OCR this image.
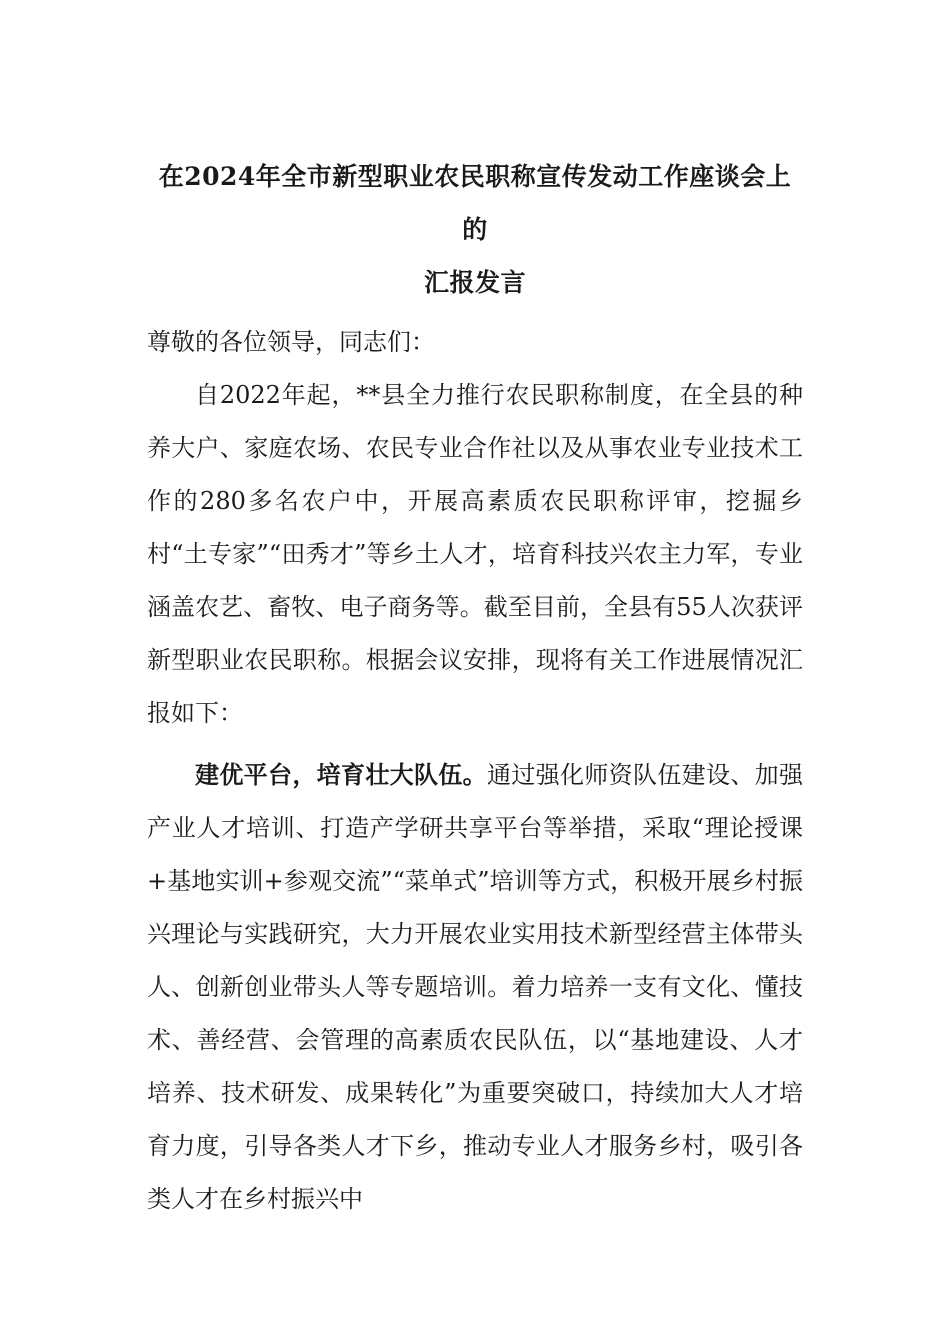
在2024年全市新型职业农民职称宣传发动工作座谈会上的
汇报发言

尊敬的各位领导，同志们：

自2022年起，**县全力推行农民职称制度，在全县的种养大户、家庭农场、农民专业合作社以及从事农业专业技术工作的280多名农户中，开展高素质农民职称评审，挖掘乡村“土专家”“田秀才”等乡土人才，培育科技兴农主力军，专业涵盖农艺、畜牧、电子商务等。截至目前，全县有55人次获评新型职业农民职称。根据会议安排，现将有关工作进展情况汇报如下：

建优平台，培育壮大队伍。通过强化师资队伍建设、加强产业人才培训、打造产学研共享平台等举措，采取“理论授课+基地实训+参观交流”“菜单式”培训等方式，积极开展乡村振兴理论与实践研究，大力开展农业实用技术新型经营主体带头人、创新创业带头人等专题培训。着力培养一支有文化、懂技术、善经营、会管理的高素质农民队伍，以“基地建设、人才培养、技术研发、成果转化”为重要突破口，持续加大人才培育力度，引导各类人才下乡，推动专业人才服务乡村，吸引各类人才在乡村振兴中
